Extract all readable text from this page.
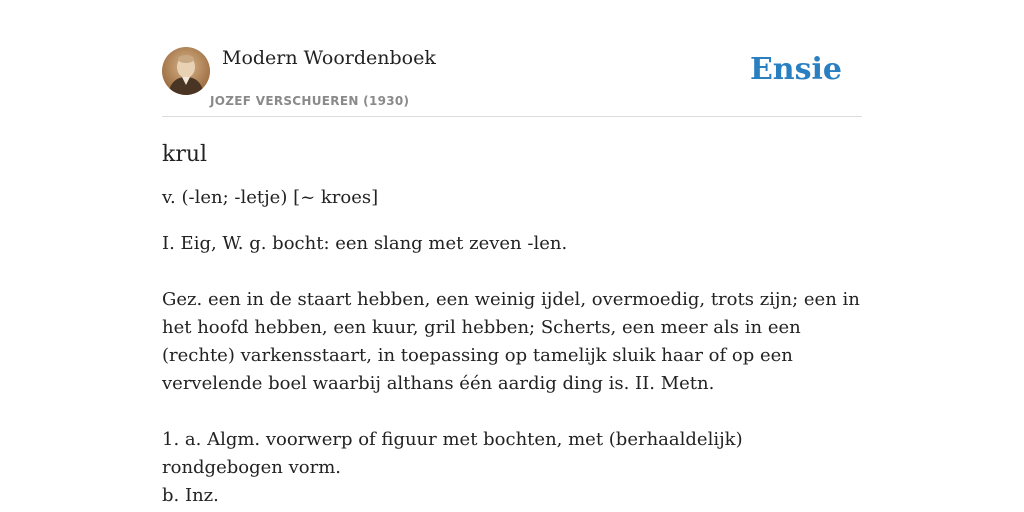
Modern Woordenboek
JOZEF VERSCHUEREN (1930)
Ensie
krul

v. (-len; -letje) [~ kroes]

I. Eig, W. g. bocht: een slang met zeven -len.

Gez. een in de staart hebben, een weinig ijdel, overmoedig, trots zijn; een in het hoofd hebben, een kuur, gril hebben; Scherts, een meer als in een (rechte) varkensstaart, in toepassing op tamelijk sluik haar of op een vervelende boel waarbij althans één aardig ding is. II. Metn.

1. a. Algm. voorwerp of figuur met bochten, met (berhaaldelijk) rondgebogen vorm.
b. Inz.
